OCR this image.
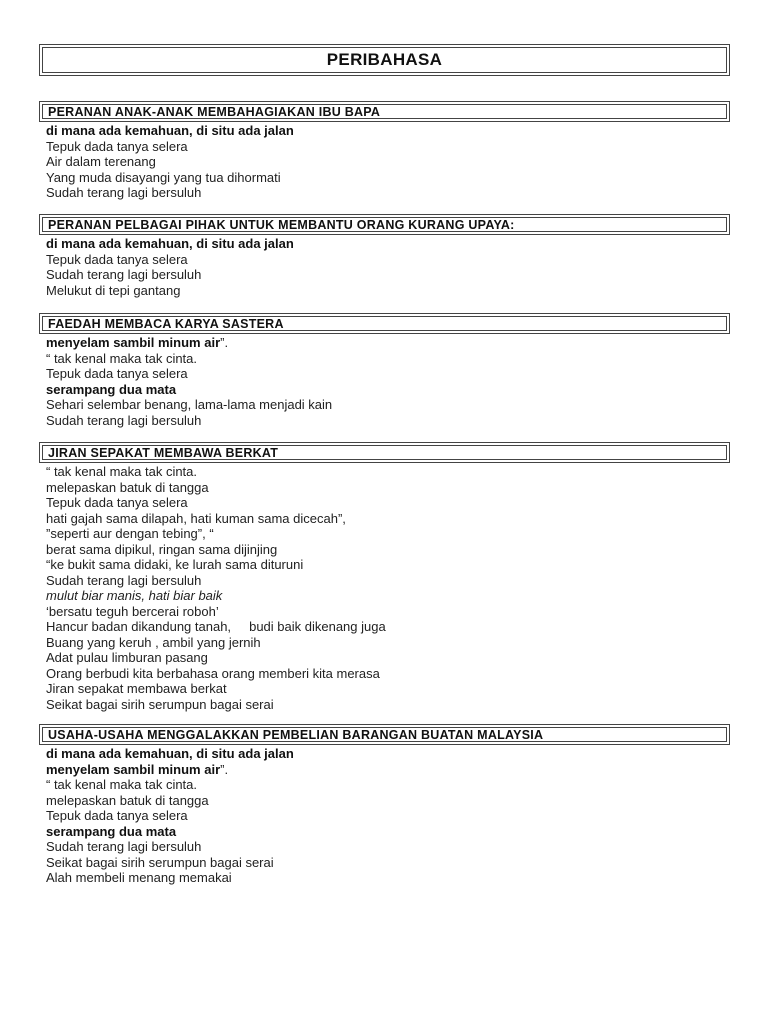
PERIBAHASA
PERANAN ANAK-ANAK MEMBAHAGIAKAN IBU BAPA
di mana ada kemahuan, di situ ada jalan
Tepuk dada tanya selera
Air dalam terenang
Yang muda disayangi yang tua dihormati
Sudah terang lagi bersuluh
PERANAN PELBAGAI PIHAK UNTUK MEMBANTU ORANG KURANG UPAYA:
di mana ada kemahuan, di situ ada jalan
Tepuk dada tanya selera
Sudah terang lagi bersuluh
Melukut di tepi gantang
FAEDAH MEMBACA KARYA SASTERA
menyelam sambil minum air”.
“ tak kenal maka tak cinta.
Tepuk dada tanya selera
serampang dua mata
Sehari selembar benang, lama-lama menjadi kain
Sudah terang lagi bersuluh
JIRAN SEPAKAT MEMBAWA BERKAT
“ tak kenal maka tak cinta.
melepaskan batuk di tangga
Tepuk dada tanya selera
hati gajah sama dilapah, hati kuman sama dicecah”,
”seperti aur dengan tebing”, “
berat sama dipikul, ringan sama dijinjing
“ke bukit sama didaki, ke lurah sama dituruni
Sudah terang lagi bersuluh
mulut biar manis, hati biar baik
‘bersatu teguh bercerai roboh’
Hancur badan dikandung tanah,     budi baik dikenang juga
Buang yang keruh , ambil yang jernih
Adat pulau limburan pasang
Orang berbudi kita berbahasa orang memberi kita merasa
Jiran sepakat membawa berkat
Seikat bagai sirih serumpun bagai serai
USAHA-USAHA MENGGALAKKAN PEMBELIAN BARANGAN BUATAN MALAYSIA
di mana ada kemahuan, di situ ada jalan
menyelam sambil minum air”.
“ tak kenal maka tak cinta.
melepaskan batuk di tangga
Tepuk dada tanya selera
serampang dua mata
Sudah terang lagi bersuluh
Seikat bagai sirih serumpun bagai serai
Alah membeli menang memakai
